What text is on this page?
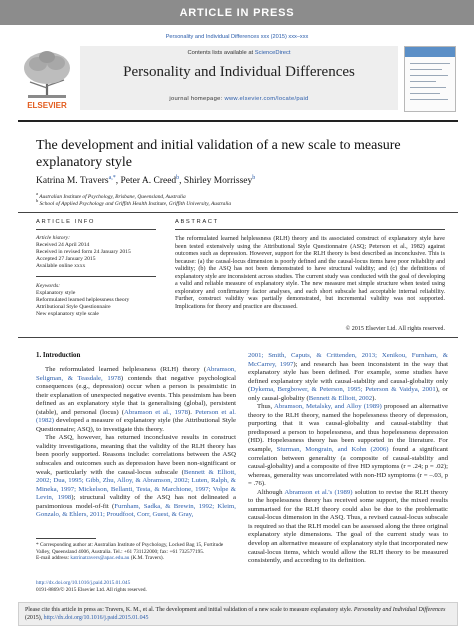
ARTICLE IN PRESS
Personality and Individual Differences xxx (2015) xxx–xxx
ELSEVIER
Contents lists available at ScienceDirect
Personality and Individual Differences
journal homepage: www.elsevier.com/locate/paid
The development and initial validation of a new scale to measure explanatory style
Katrina M. Travers$^{a,*}$, Peter A. Creed$^b$, Shirley Morrissey$^b$
$^a$ Australian Institute of Psychology, Brisbane, Queensland, Australia
$^b$ School of Applied Psychology and Griffith Health Institute, Griffith University, Australia
ARTICLE INFO
Article history:
Received 24 April 2014
Received in revised form 24 January 2015
Accepted 27 January 2015
Available online xxxx
Keywords:
Explanatory style
Reformulated learned helplessness theory
Attributional Style Questionnaire
New explanatory style scale
ABSTRACT
The reformulated learned helplessness (RLH) theory and its associated construct of explanatory style have been tested extensively using the Attributional Style Questionnaire (ASQ; Peterson et al., 1982) against outcomes such as depression. However, support for the RLH theory is best described as inconclusive. This is because: (a) the causal-locus dimension is poorly defined and the causal-locus items have poor reliability and validity; (b) the ASQ has not been demonstrated to have structural validity; and (c) the definitions of explanatory style are inconsistent across studies. The current study was conducted with the goal of developing a valid and reliable measure of explanatory style. The new measure met simple structure when tested using exploratory and confirmatory factor analyses, and each short subscale had acceptable internal reliability. Further, construct validity was partially demonstrated, but incremental validity was not supported. Implications for theory and practice are discussed.
© 2015 Elsevier Ltd. All rights reserved.
1. Introduction

The reformulated learned helplessness (RLH) theory (Abramson, Seligman, & Teasdale, 1978) contends that negative psychological consequences (e.g., depression) occur when a person is pessimistic in their explanation of unexpected negative events. This pessimism has been defined as an explanatory style that is generalising (global), persistent (stable), and personal (locus) (Abramson et al., 1978). Peterson et al. (1982) developed a measure of explanatory style (the Attributional Style Questionnaire; ASQ), to investigate this theory.

The ASQ, however, has returned inconclusive results in construct validity investigations, meaning that the validity of the RLH theory has been poorly supported. Reasons include: correlations between the ASQ subscales and outcomes such as depression have been non-significant or weak, particularly with the causal-locus subscale (Bennett & Elliott, 2002; Dua, 1995; Gibb, Zhu, Alloy, & Abramson, 2002; Luten, Ralph, & Mineka, 1997; Mickelson, Bellanti, Testa, & Marchione, 1997; Volpe & Levin, 1998); structural validity of the ASQ has not delineated a parsimonious model-of-fit (Furnham, Sadka, & Brewin, 1992; Kleim, Gonzalo, & Ehlers, 2011; Proudfoot, Corr, Guest, & Gray,

2001; Smith, Caputs, & Crittenden, 2013; Xenikou, Furnham, & McCarrey, 1997); and research has been inconsistent in the way that explanatory style has been defined. For example, some studies have defined explanatory style with causal-stability and causal-globality only (Dykema, Bergbower, & Peterson, 1995; Peterson & Vaidya, 2001), or only causal-globality (Bennett & Elliott, 2002).

Thus, Abramson, Metalsky, and Alloy (1989) proposed an alternative theory to the RLH theory, named the hopelessness theory of depression, purporting that it was causal-globality and causal-stability that predisposed a person to hopelessness, and thus hopelessness depression (HD). Hopelessness theory has been supported in the literature. For example, Sturman, Mongrain, and Kohn (2006) found a significant correlation between generality (a composite of causal-stability and causal-globality) and a composite of five HD symptoms (r = .24; p = .02); whereas, generality was uncorrelated with non-HD symptoms (r = –.03, p = .76).

Although Abramson et al.'s (1989) solution to revise the RLH theory to the hopelessness theory has received some support, the mixed results summarised for the RLH theory could also be due to the problematic causal-locus dimension in the ASQ. Thus, a revised causal-locus subscale is required so that the RLH model can be assessed along the three original explanatory style dimensions. The goal of the current study was to develop an alternative measure of explanatory style that incorporated new causal-locus items, which would allow the RLH theory to be measured consistently, and according to its definition.

* Corresponding author at: Australian Institute of Psychology, Locked Bag 15, Fortitude Valley, Queensland 4006, Australia. Tel.: +61 731122000; fax: +61 732577195.
E-mail address: katrinatravers@apac.edu.au (K.M. Travers).
http://dx.doi.org/10.1016/j.paid.2015.01.045
0191-8869/© 2015 Elsevier Ltd. All rights reserved.
Please cite this article in press as: Travers, K. M., et al. The development and initial validation of a new scale to measure explanatory style. Personality and Individual Differences (2015), http://dx.doi.org/10.1016/j.paid.2015.01.045
